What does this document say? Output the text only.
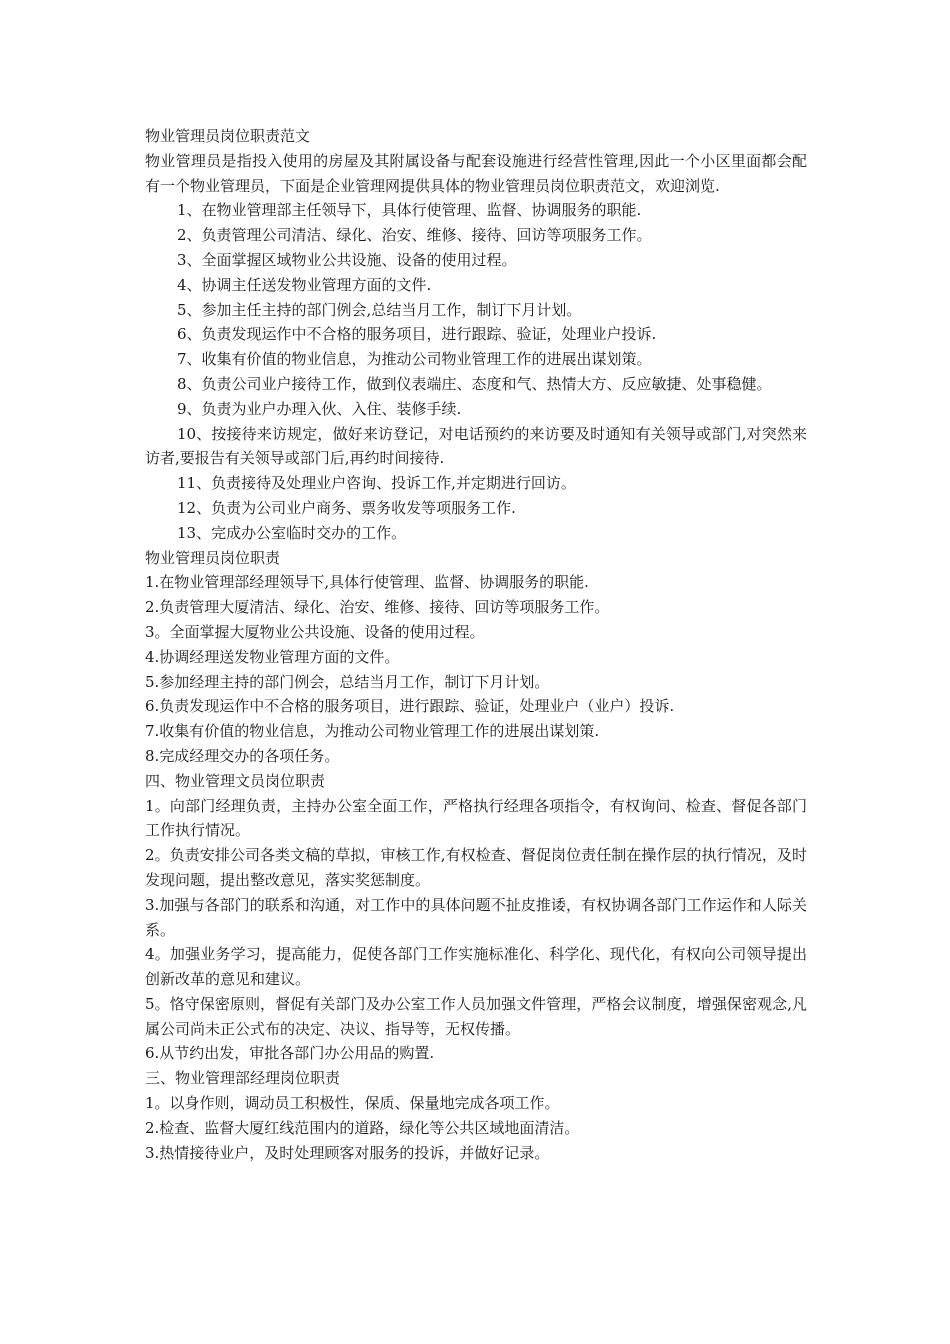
物业管理员岗位职责范文

物业管理员是指投入使用的房屋及其附属设备与配套设施进行经营性管理,因此一个小区里面都会配有一个物业管理员，下面是企业管理网提供具体的物业管理员岗位职责范文，欢迎浏览.

1、在物业管理部主任领导下，具体行使管理、监督、协调服务的职能.

2、负责管理公司清洁、绿化、治安、维修、接待、回访等项服务工作。

3、全面掌握区域物业公共设施、设备的使用过程。

4、协调主任送发物业管理方面的文件.

5、参加主任主持的部门例会,总结当月工作，制订下月计划。

6、负责发现运作中不合格的服务项目，进行跟踪、验证，处理业户投诉.

7、收集有价值的物业信息，为推动公司物业管理工作的进展出谋划策。

8、负责公司业户接待工作，做到仪表端庄、态度和气、热情大方、反应敏捷、处事稳健。

9、负责为业户办理入伙、入住、装修手续.

10、按接待来访规定，做好来访登记，对电话预约的来访要及时通知有关领导或部门,对突然来访者,要报告有关领导或部门后,再约时间接待.

11、负责接待及处理业户咨询、投诉工作,并定期进行回访。

12、负责为公司业户商务、票务收发等项服务工作.

13、完成办公室临时交办的工作。

物业管理员岗位职责

1.在物业管理部经理领导下,具体行使管理、监督、协调服务的职能.

2.负责管理大厦清洁、绿化、治安、维修、接待、回访等项服务工作。

3。全面掌握大厦物业公共设施、设备的使用过程。

4.协调经理送发物业管理方面的文件。

5.参加经理主持的部门例会，总结当月工作，制订下月计划。

6.负责发现运作中不合格的服务项目，进行跟踪、验证，处理业户（业户）投诉.

7.收集有价值的物业信息，为推动公司物业管理工作的进展出谋划策.

8.完成经理交办的各项任务。

四、物业管理文员岗位职责

1。向部门经理负责，主持办公室全面工作，严格执行经理各项指令，有权询问、检查、督促各部门工作执行情况。

2。负责安排公司各类文稿的草拟，审核工作,有权检查、督促岗位责任制在操作层的执行情况，及时发现问题，提出整改意见，落实奖惩制度。

3.加强与各部门的联系和沟通，对工作中的具体问题不扯皮推诿，有权协调各部门工作运作和人际关系。

4。加强业务学习，提高能力，促使各部门工作实施标准化、科学化、现代化，有权向公司领导提出创新改革的意见和建议。

5。恪守保密原则，督促有关部门及办公室工作人员加强文件管理，严格会议制度，增强保密观念,凡属公司尚未正公式布的决定、决议、指导等，无权传播。

6.从节约出发，审批各部门办公用品的购置.

三、物业管理部经理岗位职责

1。以身作则，调动员工积极性，保质、保量地完成各项工作。

2.检查、监督大厦红线范围内的道路，绿化等公共区域地面清洁。

3.热情接待业户，及时处理顾客对服务的投诉，并做好记录。
